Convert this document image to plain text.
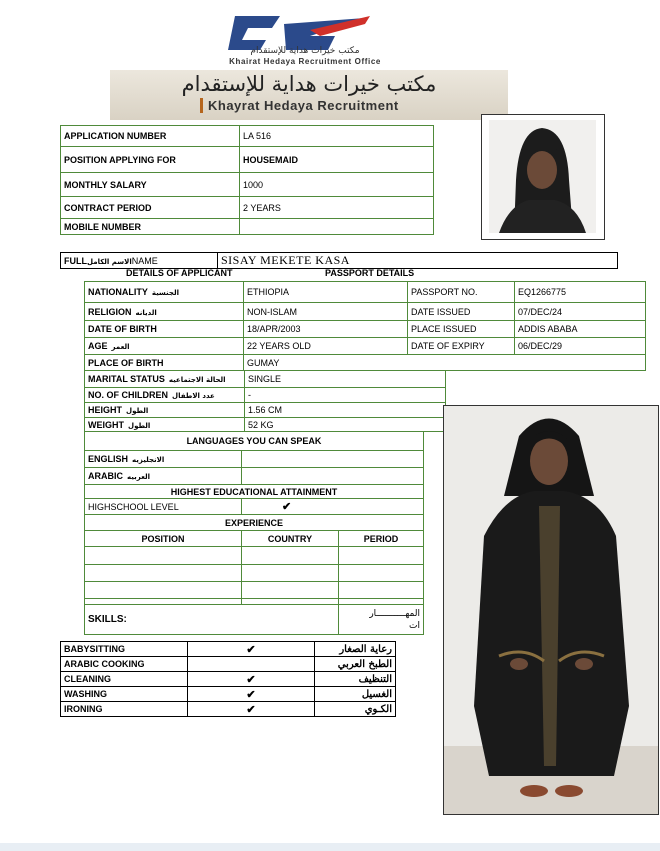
مكتب خيرات هداية للإستقدام
Khairat Hedaya Recruitment Office
مكتب خيرات هداية للإستقدام
Khayrat Hedaya Recruitment
APPLICATION NUMBER	LA 516
POSITION APPLYING FOR	HOUSEMAID
MONTHLY SALARY	1000
CONTRACT PERIOD	2 YEARS
MOBILE NUMBER	
FULLالاسم الكاملNAME	SISAY MEKETE KASA
DETAILS OF APPLICANT	PASSPORT DETAILS
NATIONALITY الجنسية	ETHIOPIA	PASSPORT NO.	EQ1266775
RELIGION الديانه	NON-ISLAM	DATE ISSUED	07/DEC/24
DATE OF BIRTH	18/APR/2003	PLACE ISSUED	ADDIS ABABA
AGE العمر	22 YEARS OLD	DATE OF EXPIRY	06/DEC/29
PLACE OF BIRTH	GUMAY		
MARITAL STATUS الحالة الاجتماعيه	SINGLE
NO. OF CHILDREN عدد الاطفال	-
HEIGHT الطول	1.56 CM
WEIGHT الطول	52 KG
LANGUAGES YOU CAN SPEAK		
ENGLISH الانجليزيه		
ARABIC العربيه		
HIGHEST EDUCATIONAL ATTAINMENT		
HIGHSCHOOL LEVEL	✔	
EXPERIENCE		
POSITION	COUNTRY	PERIOD

SKILLS:		المهـــــــــــار
ات
BABYSITTING	✔	رعاية الصغار
ARABIC COOKING		الطبخ العربي
CLEANING	✔	التنظيف
WASHING	✔	الغسيل
IRONING	✔	الكـوي
